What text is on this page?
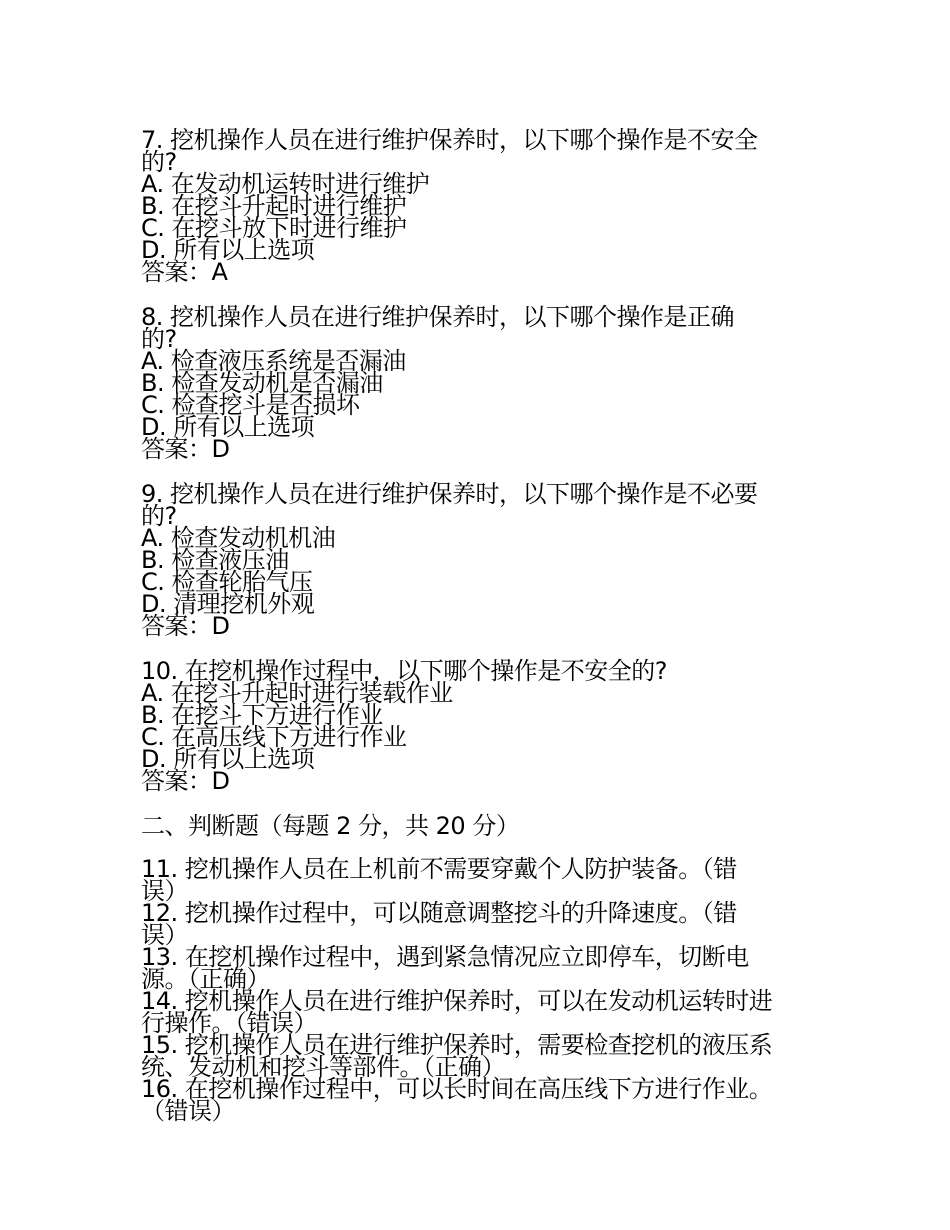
7. 挖机操作人员在进行维护保养时，以下哪个操作是不安全

的?

A. 在发动机运转时进行维护

B. 在挖斗升起时进行维护

C. 在挖斗放下时进行维护

D. 所有以上选项

答案：A

8. 挖机操作人员在进行维护保养时，以下哪个操作是正确

的?

A. 检查液压系统是否漏油

B. 检查发动机是否漏油

C. 检查挖斗是否损坏

D. 所有以上选项

答案：D

9. 挖机操作人员在进行维护保养时，以下哪个操作是不必要

的?

A. 检查发动机机油

B. 检查液压油

C. 检查轮胎气压

D. 清理挖机外观

答案：D

10. 在挖机操作过程中，以下哪个操作是不安全的?

A. 在挖斗升起时进行装载作业

B. 在挖斗下方进行作业

C. 在高压线下方进行作业

D. 所有以上选项

答案：D

二、判断题（每题 2 分，共 20 分）

11. 挖机操作人员在上机前不需要穿戴个人防护装备。（错

误）

12. 挖机操作过程中，可以随意调整挖斗的升降速度。（错

误）

13. 在挖机操作过程中，遇到紧急情况应立即停车，切断电

源。（正确）

14. 挖机操作人员在进行维护保养时，可以在发动机运转时进

行操作。（错误）

15. 挖机操作人员在进行维护保养时，需要检查挖机的液压系

统、发动机和挖斗等部件。（正确）

16. 在挖机操作过程中，可以长时间在高压线下方进行作业。

（错误）
